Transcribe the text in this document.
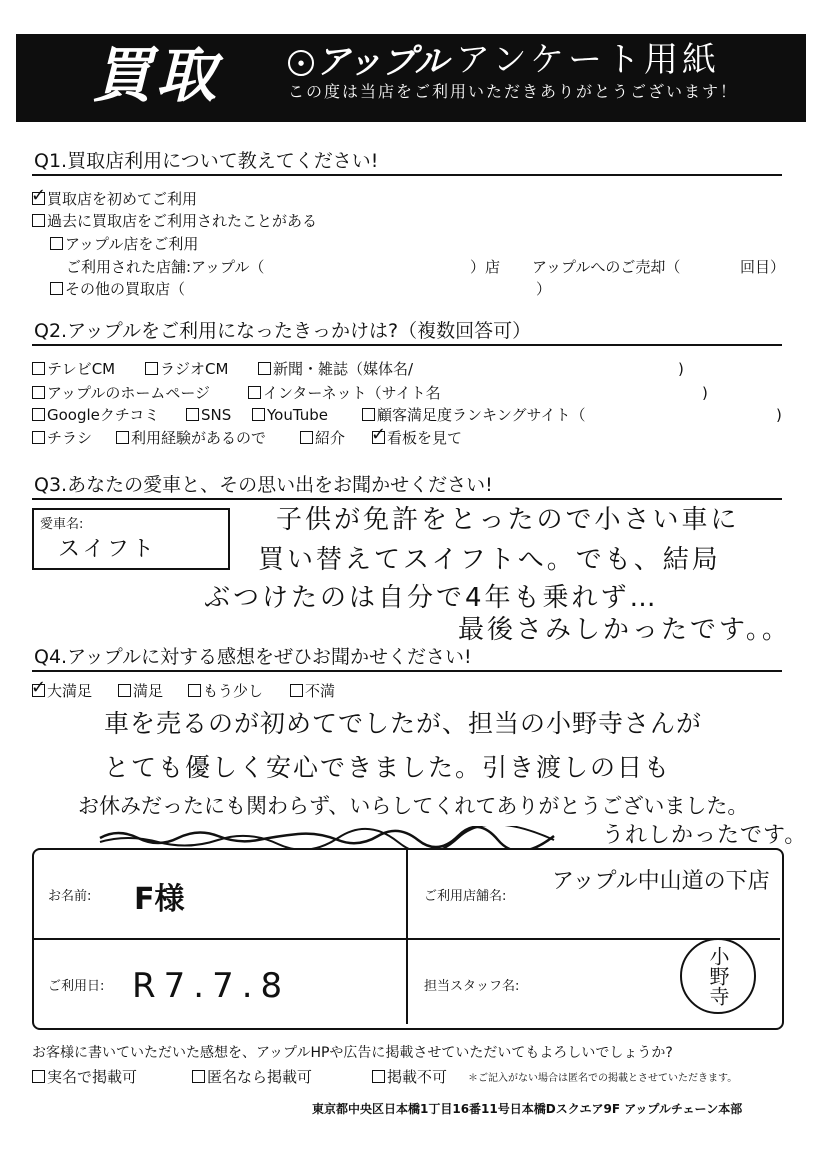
買取	● アップル アンケート用紙
この度は当店をご利用いただきありがとうございます！
Q1.買取店利用について教えてください!
✓買取店を初めてご利用
過去に買取店をご利用されたことがある
アップル店をご利用
ご利用された店舗:アップル（	）店 アップルへのご売却（	回目）
その他の買取店（	）
Q2.アップルをご利用になったきっかけは?（複数回答可）
テレビCM	ラジオCM	新聞・雑誌（媒体名/	)
アップルのホームページ	インターネット（サイト名	)
Googleクチコミ	SNS	YouTube	顧客満足度ランキングサイト（	)
チラシ	利用経験があるので	紹介
✓	看板を見て
Q3.あなたの愛車と、その思い出をお聞かせください!
愛車名:
スイフト
子供が免許をとったので小さい車に
買い替えてスイフトへ。でも、結局
ぶつけたのは自分で4年も乗れず…
最後さみしかったです。。
Q4.アップルに対する感想をぜひお聞かせください!
✓大満足	満足	もう少し	不満
車を売るのが初めてでしたが、担当の小野寺さんが
とても優しく安心できました。引き渡しの日も
お休みだったにも関わらず、いらしてくれてありがとうございました。
うれしかったです。
お名前: F様	ご利用店舗名:
アップル中山道の下店
ご利用日: R7.7.8	担当スタッフ名:	小野寺
お客様に書いていただいた感想を、アップルHPや広告に掲載させていただいてもよろしいでしょうか?
実名で掲載可	匿名なら掲載可	掲載不可 ＊ご記入がない場合は匿名での掲載とさせていただきます。
東京都中央区日本橋1丁目16番11号日本橋Dスクエア9F アップルチェーン本部
